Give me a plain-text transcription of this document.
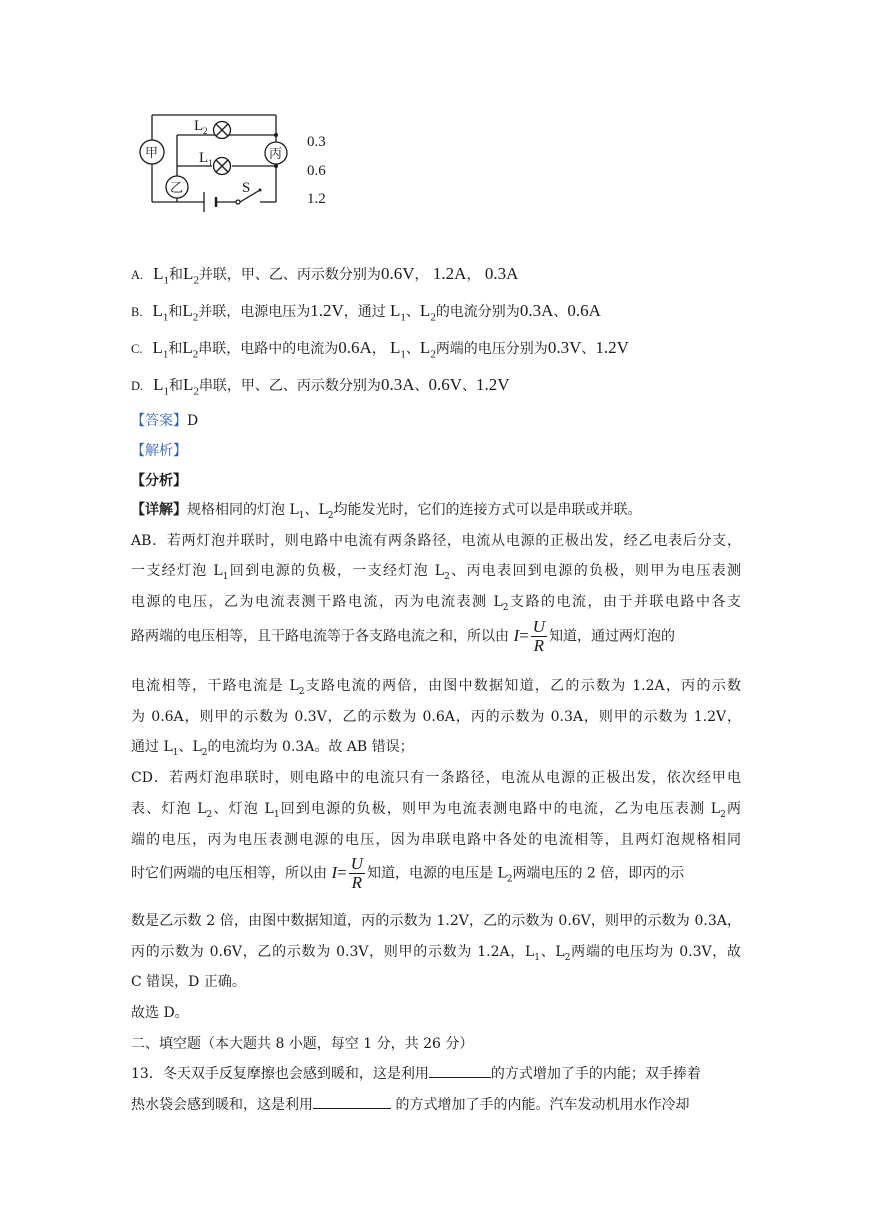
甲
乙
丙
L 2
L 1
S
0.3
0.6
1.2
A. $L_1$和$L_2$并联，甲、乙、丙示数分别为0.6V， 1.2A， 0.3A
B. $L_1$和$L_2$并联，电源电压为1.2V，通过 $L_1$、$L_2$的电流分别为0.3A、0.6A
C. $L_1$和$L_2$串联，电路中的电流为0.6A， $L_1$、$L_2$两端的电压分别为0.3V、1.2V
D. $L_1$和$L_2$串联，甲、乙、丙示数分别为0.3A、0.6V、1.2V
【答案】D
【解析】
【分析】
【详解】规格相同的灯泡 $L_1$、$L_2$均能发光时，它们的连接方式可以是串联或并联。
AB．若两灯泡并联时，则电路中电流有两条路径，电流从电源的正极出发，经乙电表后分支，
一支经灯泡 $L_1$回到电源的负极，一支经灯泡 $L_2$、丙电表回到电源的负极，则甲为电压表测
电源的电压，乙为电流表测干路电流，丙为电流表测 $L_2$支路的电流，由于并联电路中各支
路两端的电压相等，且干路电流等于各支路电流之和，所以由 $I= \frac{U}{R}$ 知道，通过两灯泡的
电流相等，干路电流是 $L_2$支路电流的两倍，由图中数据知道，乙的示数为 1.2A，丙的示数
为 0.6A，则甲的示数为 0.3V，乙的示数为 0.6A，丙的示数为 0.3A，则甲的示数为 1.2V，
通过 $L_1$、$L_2$的电流均为 0.3A。故 AB 错误；
CD．若两灯泡串联时，则电路中的电流只有一条路径，电流从电源的正极出发，依次经甲电
表、灯泡 $L_2$、灯泡 $L_1$回到电源的负极，则甲为电流表测电路中的电流，乙为电压表测 $L_2$两
端的电压，丙为电压表测电源的电压，因为串联电路中各处的电流相等，且两灯泡规格相同
时它们两端的电压相等，所以由 $I= \frac{U}{R}$ 知道，电源的电压是 $L_2$两端电压的 2 倍，即丙的示
数是乙示数 2 倍，由图中数据知道，丙的示数为 1.2V，乙的示数为 0.6V，则甲的示数为 0.3A，
丙的示数为 0.6V，乙的示数为 0.3V，则甲的示数为 1.2A，$L_1$、$L_2$两端的电压均为 0.3V，故
C 错误，D 正确。
故选 D。
二、填空题（本大题共 8 小题，每空 1 分，共 26 分）
13．冬天双手反复摩擦也会感到暖和，这是利用	的方式增加了手的内能；双手捧着
热水袋会感到暖和，这是利用	的方式增加了手的内能。汽车发动机用水作冷却
